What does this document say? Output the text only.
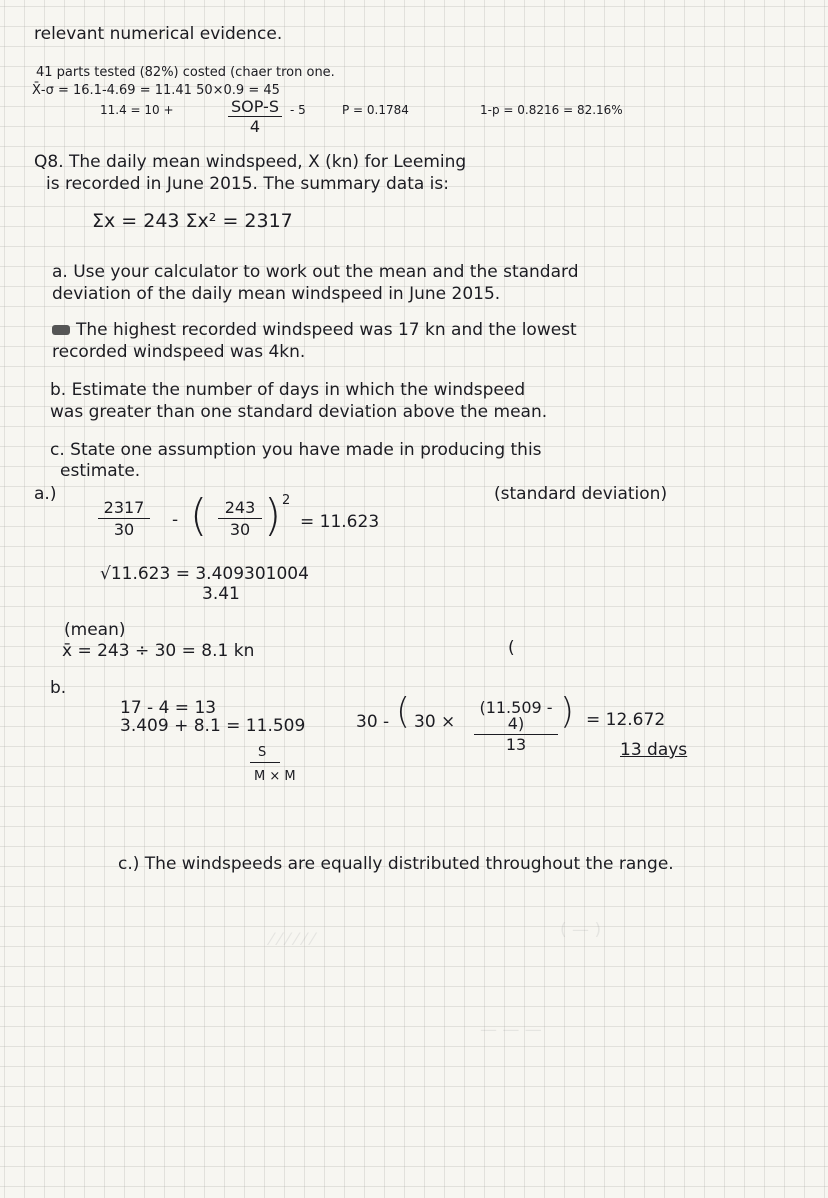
⁄ ⁄ ⁄ ⁄ ⁄ ⁄	( — )
— — —
relevant numerical evidence.
41 parts tested (82%) costed (chaer tron one.
X̄-σ = 16.1-4.69 = 11.41 50×0.9 = 45
11.4 = 10 +	SOP-S
4
- 5	P = 0.1784	1-p = 0.8216 = 82.16%
Q8. The daily mean windspeed, X (kn) for Leeming
is recorded in June 2015. The summary data is:
Σx = 243 Σx² = 2317
a. Use your calculator to work out the mean and the standard
deviation of the daily mean windspeed in June 2015.
The highest recorded windspeed was 17 kn and the lowest
recorded windspeed was 4kn.
b. Estimate the number of days in which the windspeed
was greater than one standard deviation above the mean.
c. State one assumption you have made in producing this
estimate.
a.)	(standard deviation)
2317
30	- (	243
30 ) 2
= 11.623
√11.623 = 3.409301004
3.41
(mean)
x̄ = 243 ÷ 30 = 8.1 kn	(
b.
17 - 4 = 13
3.409 + 8.1 = 11.509
S
M × M
30 - ( 30 ×
(11.509 - 4)
13
) = 12.672
13 days
c.) The windspeeds are equally distributed throughout the range.
